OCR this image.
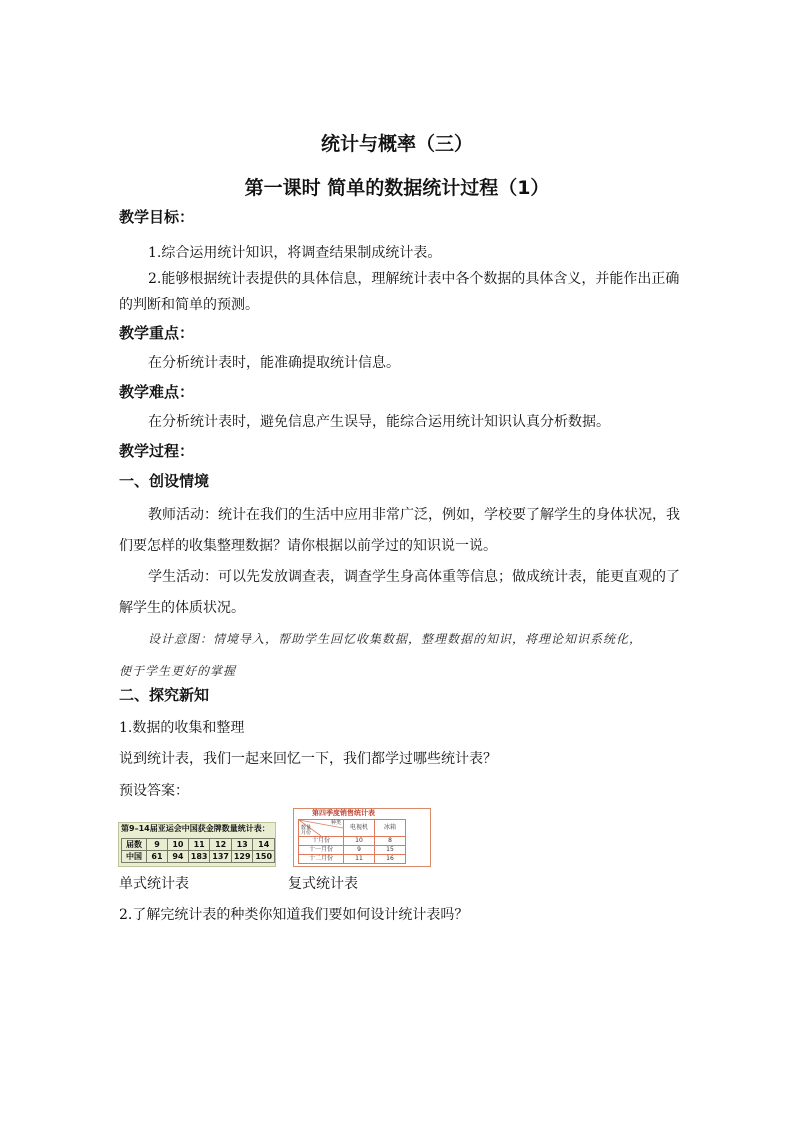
统计与概率（三）
第一课时 简单的数据统计过程（1）
教学目标：
1.综合运用统计知识，将调查结果制成统计表。
2.能够根据统计表提供的具体信息，理解统计表中各个数据的具体含义，并能作出正确
的判断和简单的预测。
教学重点：
在分析统计表时，能准确提取统计信息。
教学难点：
在分析统计表时，避免信息产生误导，能综合运用统计知识认真分析数据。
教学过程：
一、创设情境
教师活动：统计在我们的生活中应用非常广泛，例如，学校要了解学生的身体状况，我
们要怎样的收集整理数据？请你根据以前学过的知识说一说。
学生活动：可以先发放调查表，调查学生身高体重等信息；做成统计表，能更直观的了
解学生的体质状况。
设计意图：情境导入，帮助学生回忆收集数据，整理数据的知识，将理论知识系统化，
便于学生更好的掌握
二、探究新知
1.数据的收集和整理
说到统计表，我们一起来回忆一下，我们都学过哪些统计表？
预设答案：
第9–14届亚运会中国获金牌数量统计表：
届数	9	10	11	12	13	14
中国	61	94	183	137	129	150
第四季度销售统计表
种类
数量
月份	电视机	冰箱
十月份	10	8
十一月份	9	15
十二月份	11	16
单式统计表	复式统计表
2.了解完统计表的种类你知道我们要如何设计统计表吗？
